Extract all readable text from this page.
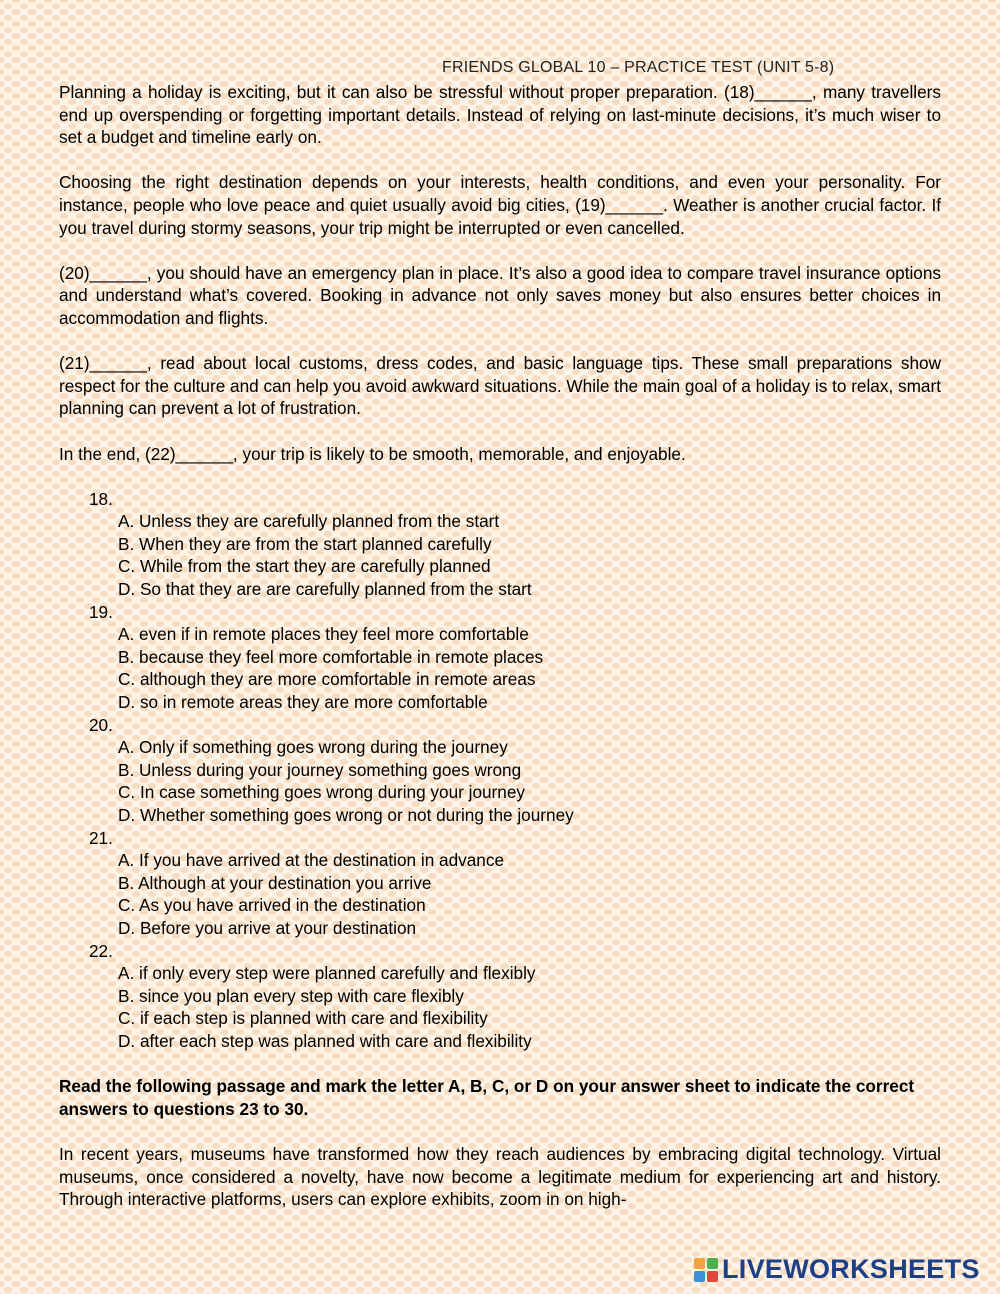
FRIENDS GLOBAL 10 – PRACTICE TEST (UNIT 5-8)

Planning a holiday is exciting, but it can also be stressful without proper preparation. (18)______, many travellers end up overspending or forgetting important details. Instead of relying on last-minute decisions, it’s much wiser to set a budget and timeline early on.

Choosing the right destination depends on your interests, health conditions, and even your personality. For instance, people who love peace and quiet usually avoid big cities, (19)______. Weather is another crucial factor. If you travel during stormy seasons, your trip might be interrupted or even cancelled.

(20)______, you should have an emergency plan in place. It’s also a good idea to compare travel insurance options and understand what’s covered. Booking in advance not only saves money but also ensures better choices in accommodation and flights.

(21)______, read about local customs, dress codes, and basic language tips. These small preparations show respect for the culture and can help you avoid awkward situations. While the main goal of a holiday is to relax, smart planning can prevent a lot of frustration.

In the end, (22)______, your trip is likely to be smooth, memorable, and enjoyable.

18.
A. Unless they are carefully planned from the start
B. When they are from the start planned carefully
C. While from the start they are carefully planned
D. So that they are are carefully planned from the start
19.
A. even if in remote places they feel more comfortable
B. because they feel more comfortable in remote places
C. although they are more comfortable in remote areas
D. so in remote areas they are more comfortable
20.
A. Only if something goes wrong during the journey
B. Unless during your journey something goes wrong
C. In case something goes wrong during your journey
D. Whether something goes wrong or not during the journey
21.
A. If you have arrived at the destination in advance
B. Although at your destination you arrive
C. As you have arrived in the destination
D. Before you arrive at your destination
22.
A. if only every step were planned carefully and flexibly
B. since you plan every step with care flexibly
C. if each step is planned with care and flexibility
D. after each step was planned with care and flexibility

Read the following passage and mark the letter A, B, C, or D on your answer sheet to indicate the correct answers to questions 23 to 30.

In recent years, museums have transformed how they reach audiences by embracing digital technology. Virtual museums, once considered a novelty, have now become a legitimate medium for experiencing art and history. Through interactive platforms, users can explore exhibits, zoom in on high-

LIVEWORKSHEETS
